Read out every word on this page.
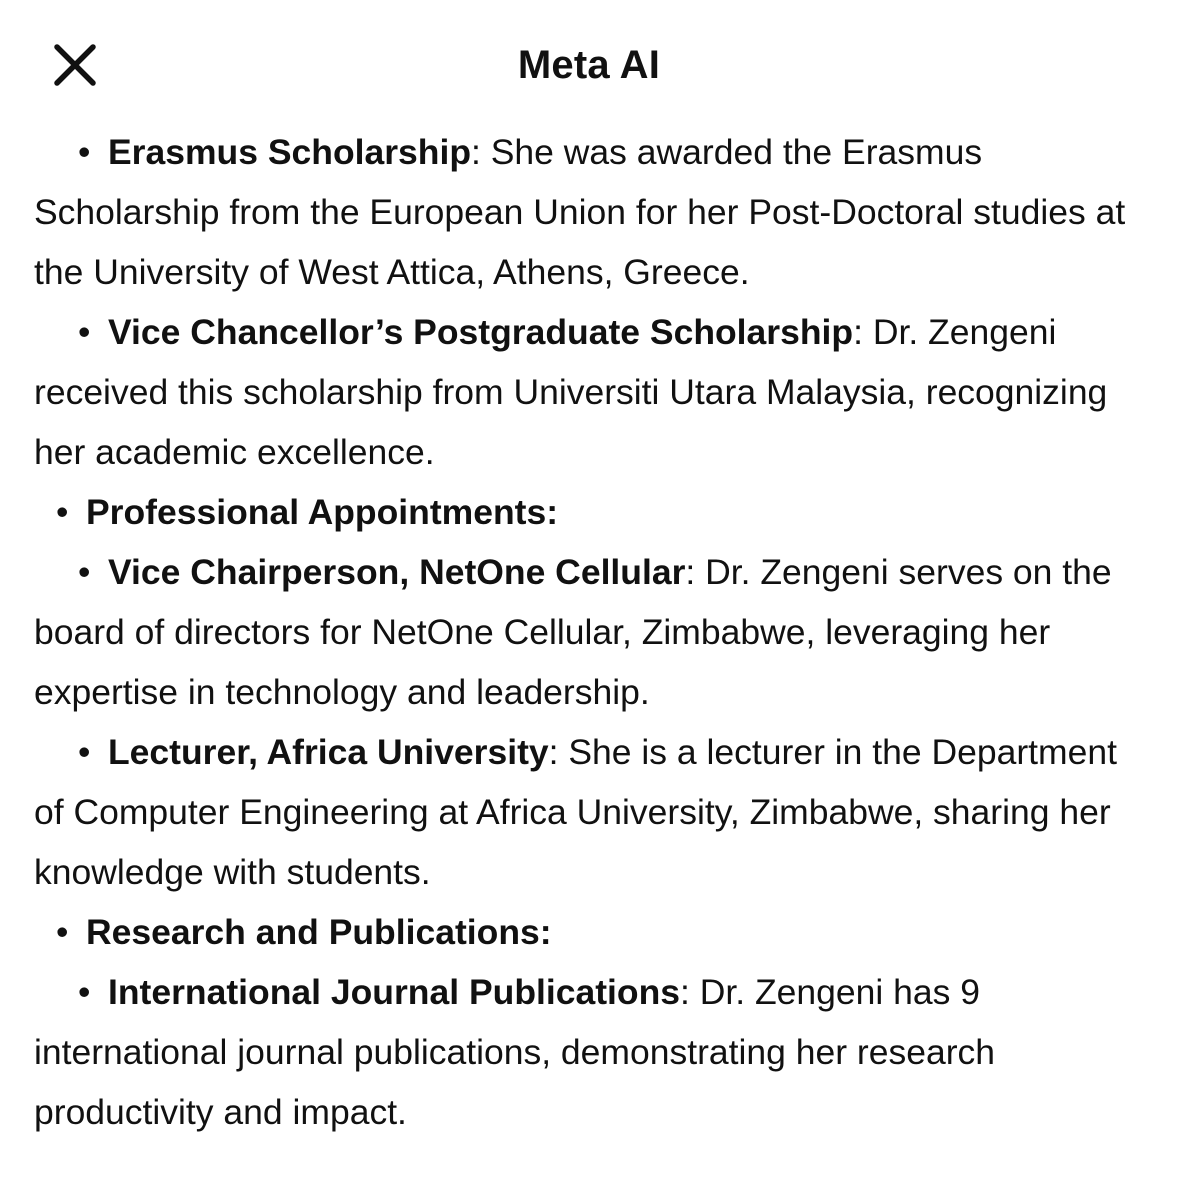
Meta AI

• Erasmus Scholarship: She was awarded the Erasmus Scholarship from the European Union for her Post-Doctoral studies at the University of West Attica, Athens, Greece.

• Vice Chancellor’s Postgraduate Scholarship: Dr. Zengeni received this scholarship from Universiti Utara Malaysia, recognizing her academic excellence.

• Professional Appointments:

• Vice Chairperson, NetOne Cellular: Dr. Zengeni serves on the board of directors for NetOne Cellular, Zimbabwe, leveraging her expertise in technology and leadership.

• Lecturer, Africa University: She is a lecturer in the Department of Computer Engineering at Africa University, Zimbabwe, sharing her knowledge with students.

• Research and Publications:

• International Journal Publications: Dr. Zengeni has 9 international journal publications, demonstrating her research productivity and impact.
